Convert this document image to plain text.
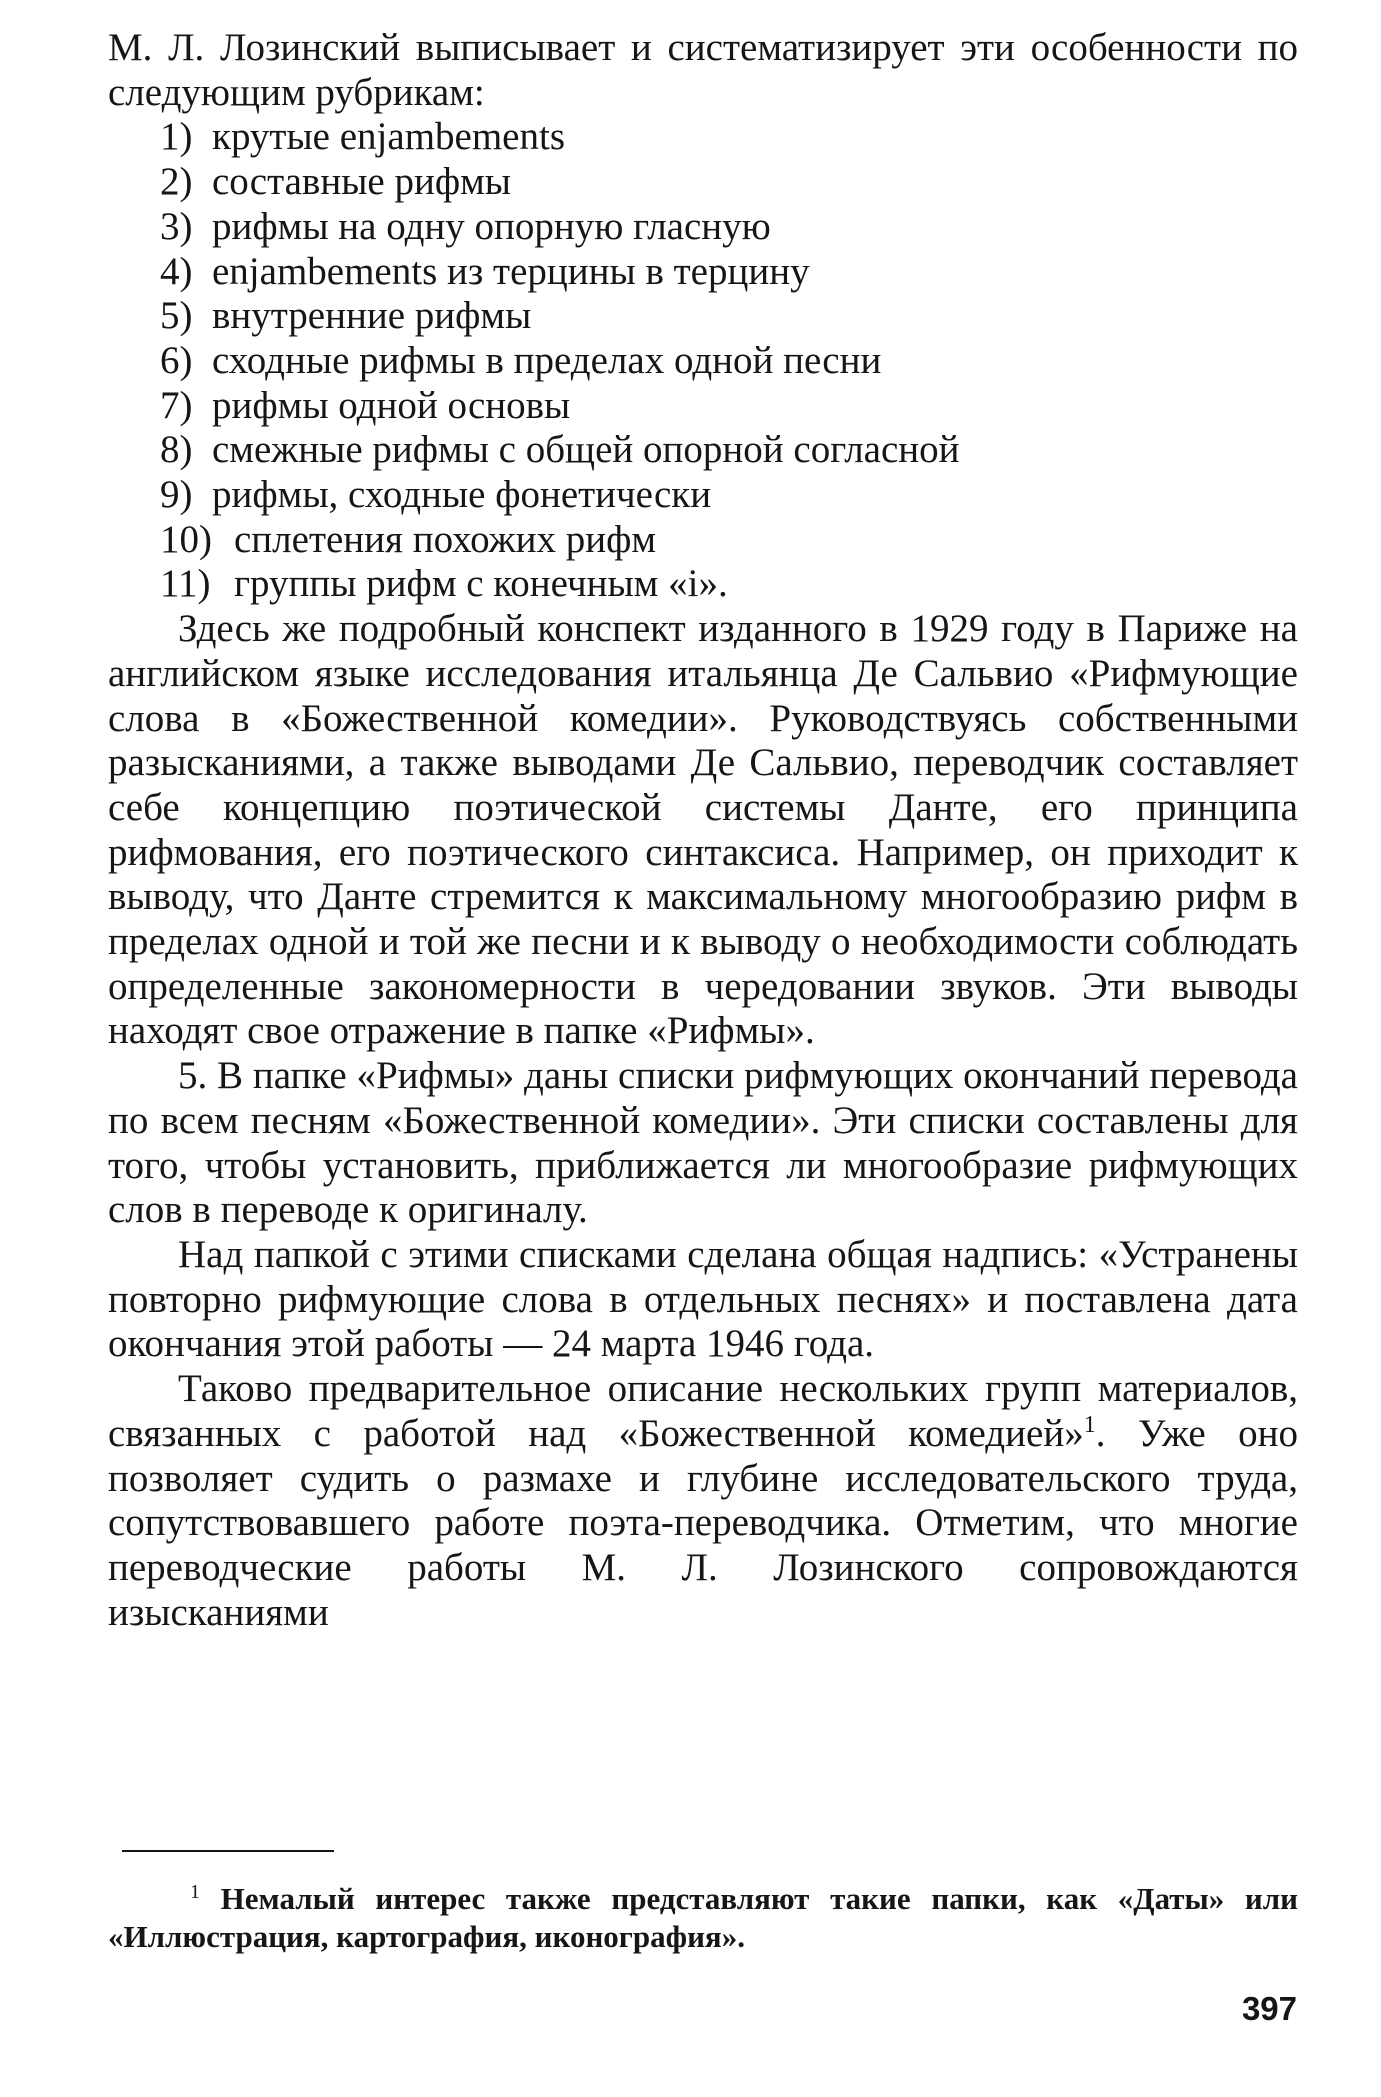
М. Л. Лозинский выписывает и систематизирует эти особенности по следующим рубрикам:

1) крутые enjambements
2) составные рифмы
3) рифмы на одну опорную гласную
4) enjambements из терцины в терцину
5) внутренние рифмы
6) сходные рифмы в пределах одной песни
7) рифмы одной основы
8) смежные рифмы с общей опорной согласной
9) рифмы, сходные фонетически
10) сплетения похожих рифм
11) группы рифм с конечным «i».

Здесь же подробный конспект изданного в 1929 году в Париже на английском языке исследования итальянца Де Сальвио «Рифмующие слова в «Божественной комедии». Руководствуясь собственными разысканиями, а также выводами Де Сальвио, переводчик составляет себе концепцию поэтической системы Данте, его принципа рифмования, его поэтического синтаксиса. Например, он приходит к выводу, что Данте стремится к максимальному многообразию рифм в пределах одной и той же песни и к выводу о необходимости соблюдать определенные закономерности в чередовании звуков. Эти выводы находят свое отражение в папке «Рифмы».

5. В папке «Рифмы» даны списки рифмующих окончаний перевода по всем песням «Божественной комедии». Эти списки составлены для того, чтобы установить, приближается ли многообразие рифмующих слов в переводе к оригиналу.

Над папкой с этими списками сделана общая надпись: «Устранены повторно рифмующие слова в отдельных песнях» и поставлена дата окончания этой работы — 24 марта 1946 года.

Таково предварительное описание нескольких групп материалов, связанных с работой над «Божественной комедией»$^1$. Уже оно позволяет судить о размахе и глубине исследовательского труда, сопутствовавшего работе поэта-переводчика. Отметим, что многие переводческие работы М. Л. Лозинского сопровождаются изысканиями

$^1$ Немалый интерес также представляют такие папки, как «Даты» или «Иллюстрация, картография, иконография».
397
